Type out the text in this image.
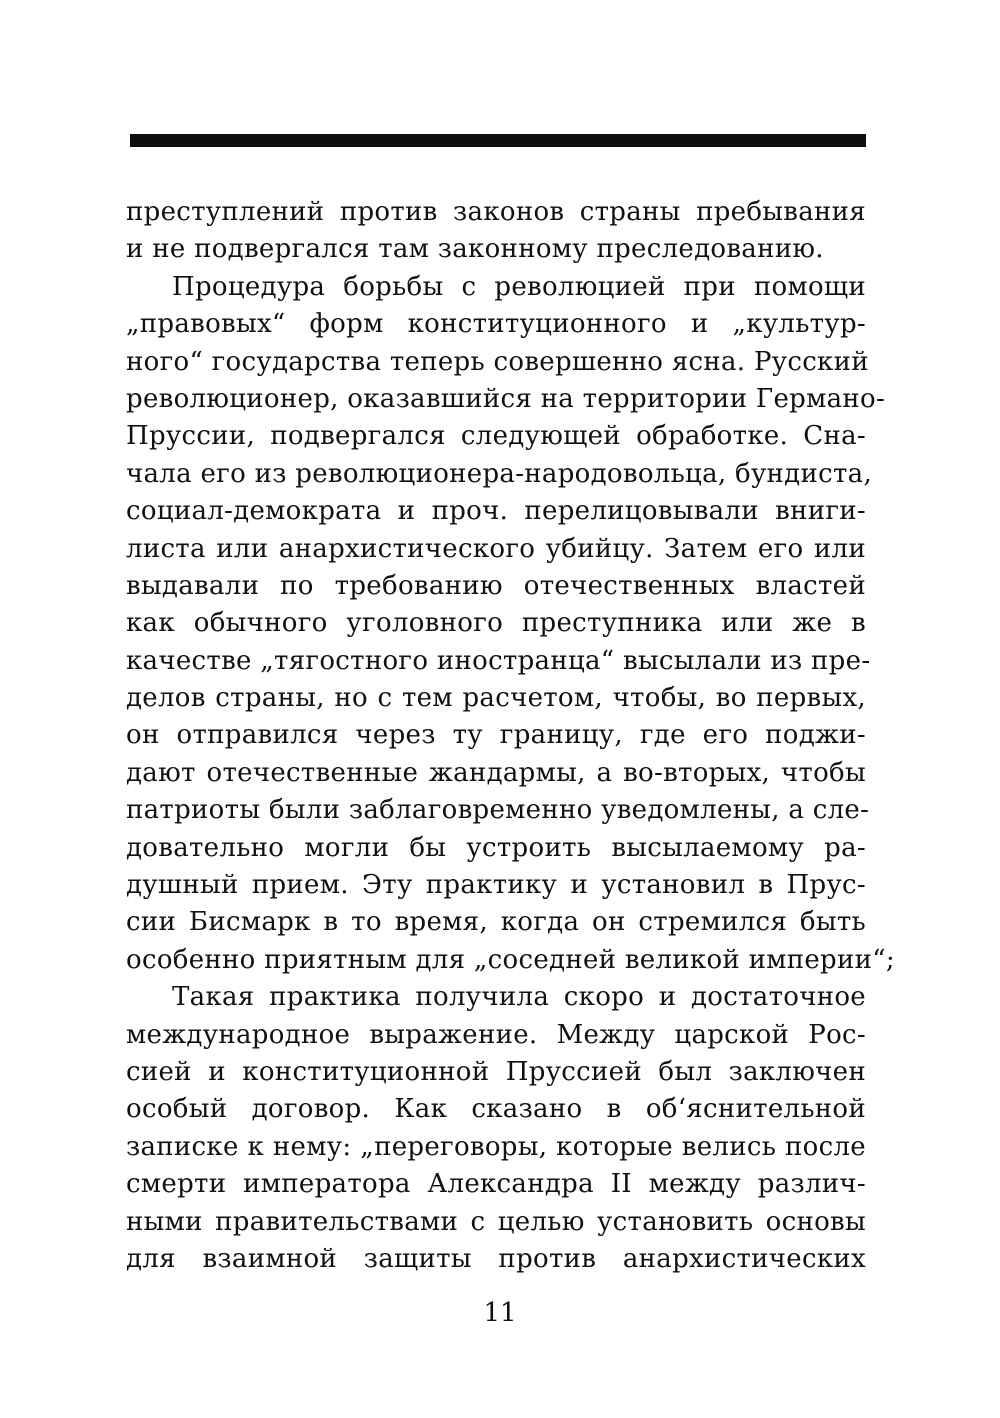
преступлений против законов страны пребывания
и не подвергался там законному преследованию.
Процедура борьбы с революцией при помощи
„правовых“ форм конституционного и „культур-
ного“ государства теперь совершенно ясна. Русский
революционер, оказавшийся на территории Германо-
Пруссии, подвергался следующей обработке. Сна-
чала его из революционера-народовольца, бундиста,
социал-демократа и проч. перелицовывали вниги-
листа или анархистического убийцу. Затем его или
выдавали по требованию отечественных властей
как обычного уголовного преступника или же в
качестве „тягостного иностранца“ высылали из пре-
делов страны, но с тем расчетом, чтобы, во первых,
он отправился через ту границу, где его поджи-
дают отечественные жандармы, а во-вторых, чтобы
патриоты были заблаговременно уведомлены, а сле-
довательно могли бы устроить высылаемому ра-
душный прием. Эту практику и установил в Прус-
сии Бисмарк в то время, когда он стремился быть
особенно приятным для „соседней великой империи“;
Такая практика получила скоро и достаточное
международное выражение. Между царской Рос-
сией и конституционной Пруссией был заключен
особый договор. Как сказано в об‘яснительной
записке к нему: „переговоры, которые велись после
смерти императора Александра II между различ-
ными правительствами с целью установить основы
для взаимной защиты против анархистических
11
